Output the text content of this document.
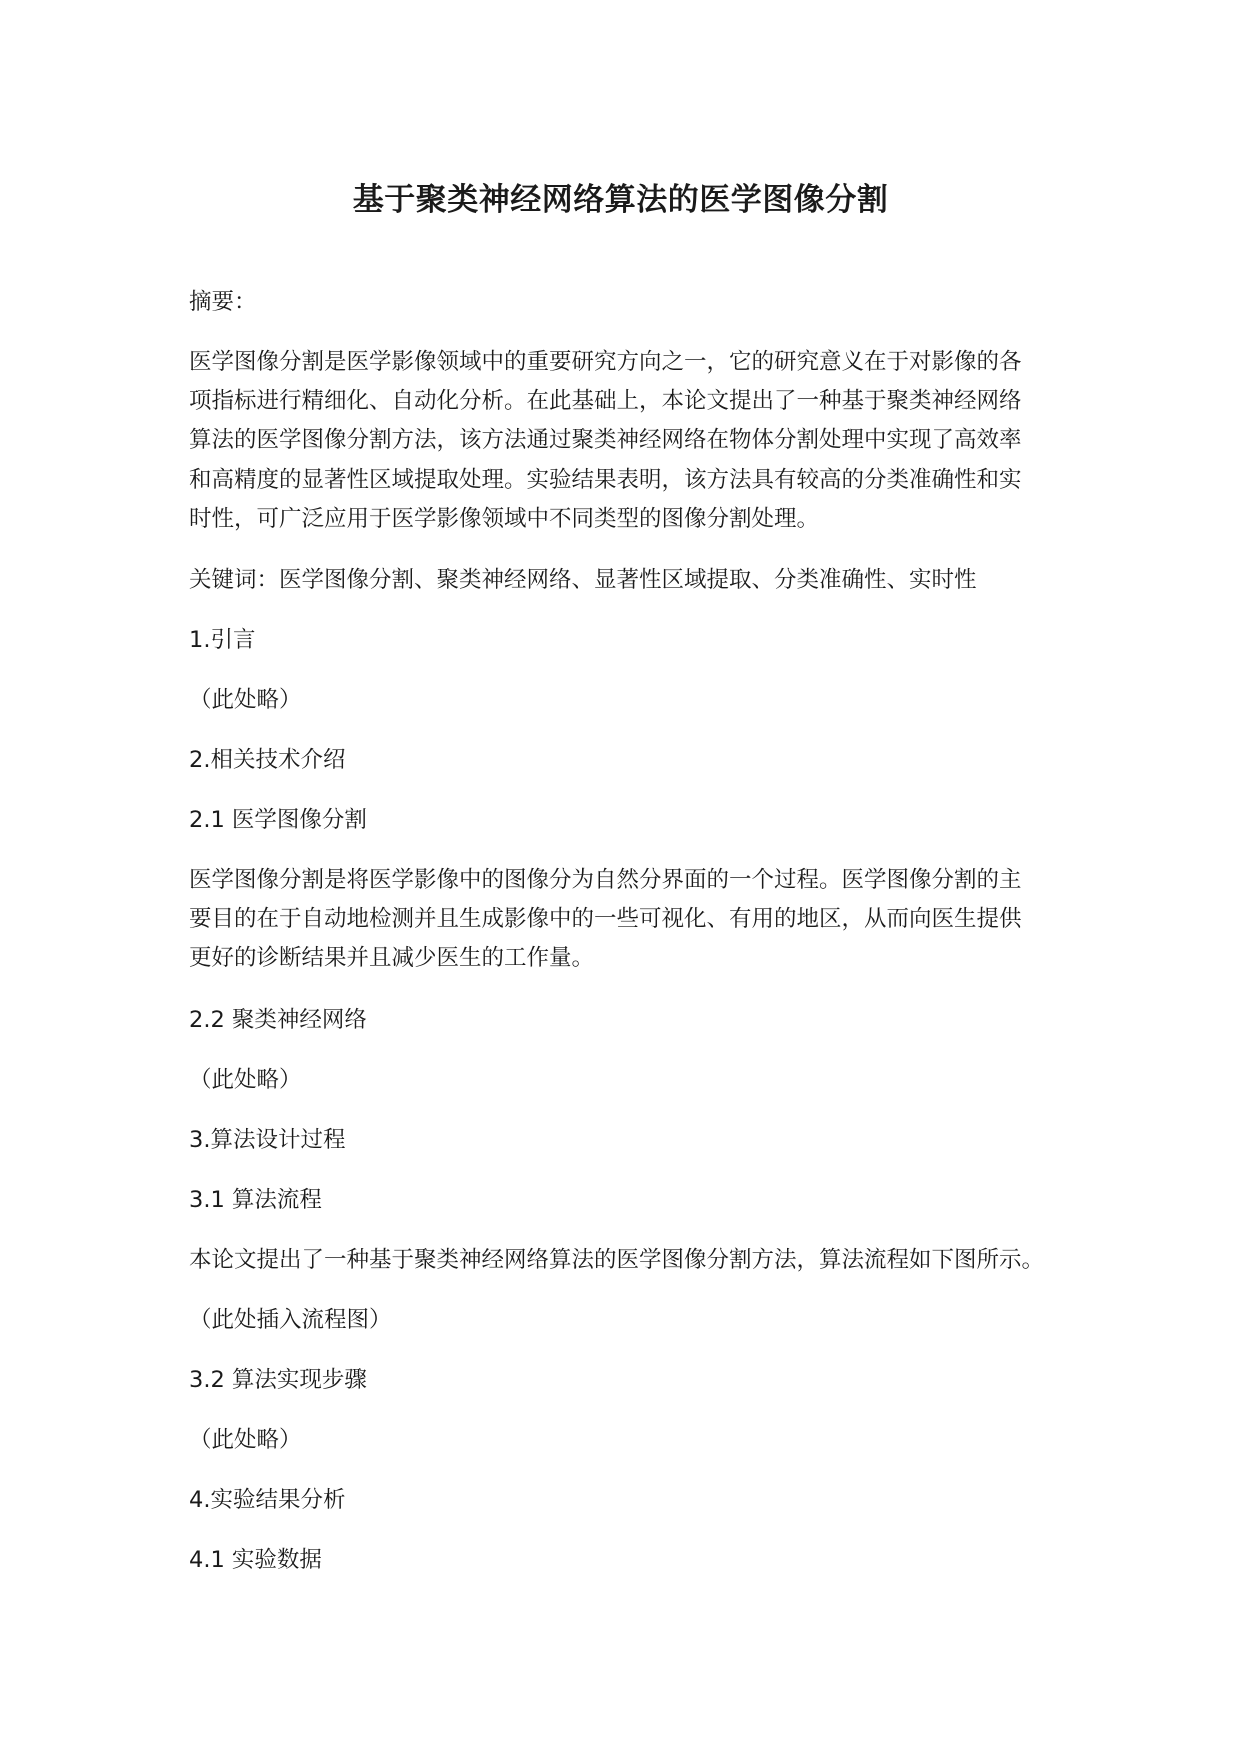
基于聚类神经网络算法的医学图像分割

摘要：

医学图像分割是医学影像领域中的重要研究方向之一，它的研究意义在于对影像的各
项指标进行精细化、自动化分析。在此基础上，本论文提出了一种基于聚类神经网络
算法的医学图像分割方法，该方法通过聚类神经网络在物体分割处理中实现了高效率
和高精度的显著性区域提取处理。实验结果表明，该方法具有较高的分类准确性和实
时性，可广泛应用于医学影像领域中不同类型的图像分割处理。

关键词：医学图像分割、聚类神经网络、显著性区域提取、分类准确性、实时性

1.引言

（此处略）

2.相关技术介绍

2.1 医学图像分割

医学图像分割是将医学影像中的图像分为自然分界面的一个过程。医学图像分割的主
要目的在于自动地检测并且生成影像中的一些可视化、有用的地区，从而向医生提供
更好的诊断结果并且减少医生的工作量。

2.2 聚类神经网络

（此处略）

3.算法设计过程

3.1 算法流程

本论文提出了一种基于聚类神经网络算法的医学图像分割方法，算法流程如下图所示。

（此处插入流程图）

3.2 算法实现步骤

（此处略）

4.实验结果分析

4.1 实验数据
